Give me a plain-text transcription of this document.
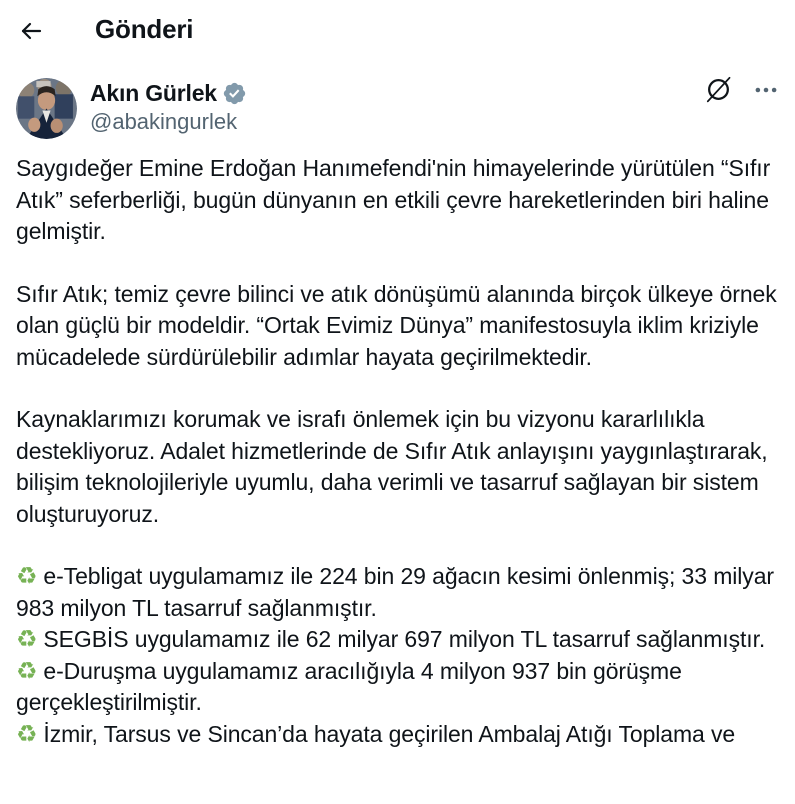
Gönderi
Akın Gürlek
@abakingurlek
Saygıdeğer Emine Erdoğan Hanımefendi'nin himayelerinde yürütülen “Sıfır Atık” seferberliği, bugün dünyanın en etkili çevre hareketlerinden biri haline gelmiştir.
Sıfır Atık; temiz çevre bilinci ve atık dönüşümü alanında birçok ülkeye örnek olan güçlü bir modeldir. “Ortak Evimiz Dünya” manifestosuyla iklim kriziyle mücadelede sürdürülebilir adımlar hayata geçirilmektedir.
Kaynaklarımızı korumak ve israfı önlemek için bu vizyonu kararlılıkla destekliyoruz. Adalet hizmetlerinde de Sıfır Atık anlayışını yaygınlaştırarak, bilişim teknolojileriyle uyumlu, daha verimli ve tasarruf sağlayan bir sistem oluşturuyoruz.
♻ e-Tebligat uygulamamız ile 224 bin 29 ağacın kesimi önlenmiş; 33 milyar 983 milyon TL tasarruf sağlanmıştır.
♻ SEGBİS uygulamamız ile 62 milyar 697 milyon TL tasarruf sağlanmıştır.
♻ e-Duruşma uygulamamız aracılığıyla 4 milyon 937 bin görüşme gerçekleştirilmiştir.
♻ İzmir, Tarsus ve Sincan’da hayata geçirilen Ambalaj Atığı Toplama ve
